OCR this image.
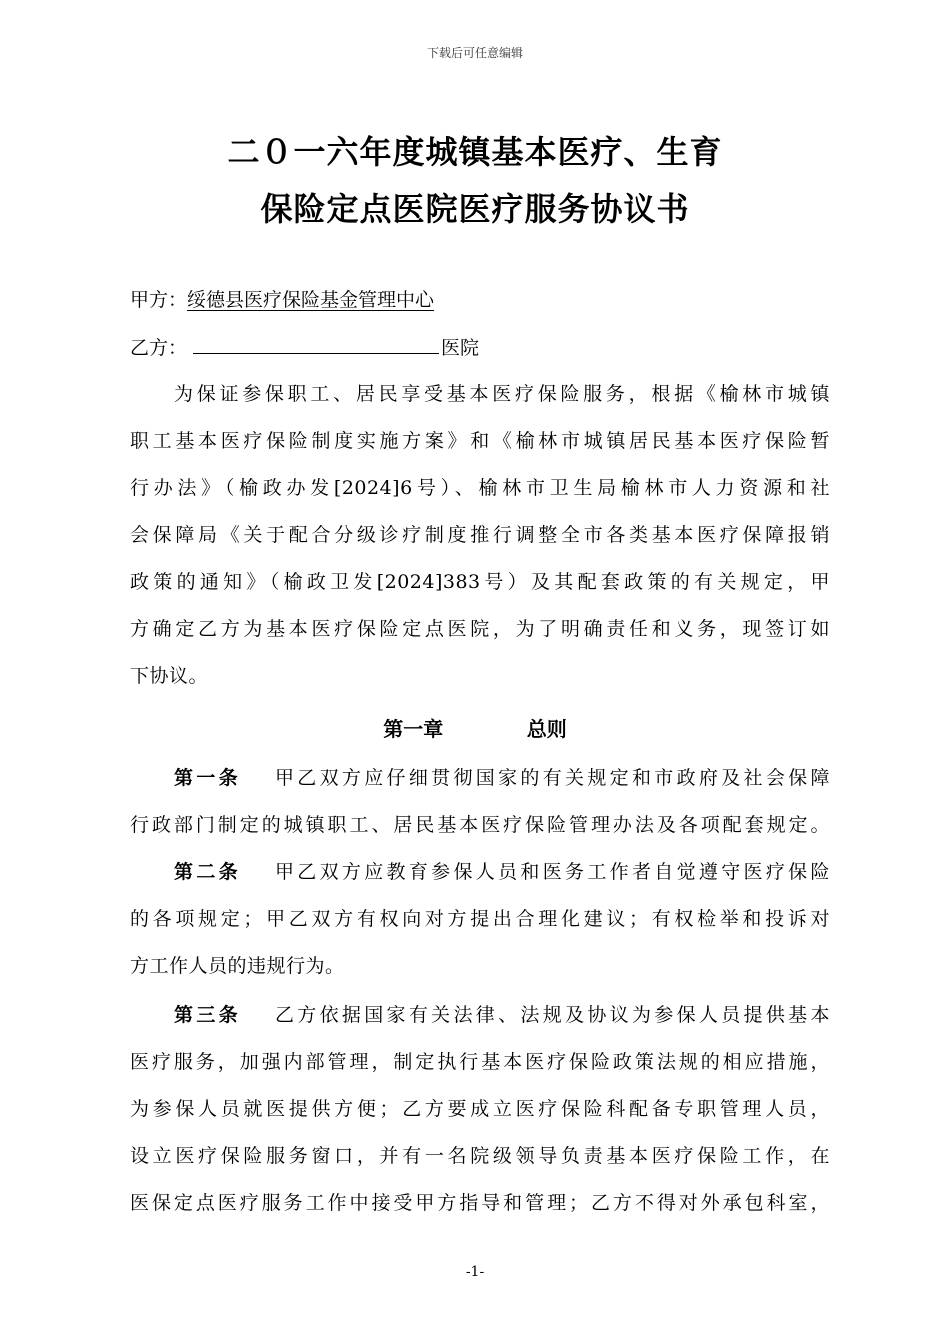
下载后可任意编辑
二０一六年度城镇基本医疗、生育
保险定点医院医疗服务协议书
甲方：绥德县医疗保险基金管理中心
乙方：	医院
为保证参保职工、居民享受基本医疗保险服务，根据《榆林市城镇
职工基本医疗保险制度实施方案》和《榆林市城镇居民基本医疗保险暂
行办法》（榆政办发[2024]6号）、榆林市卫生局榆林市人力资源和社
会保障局《关于配合分级诊疗制度推行调整全市各类基本医疗保障报销
政策的通知》（榆政卫发[2024]383号）及其配套政策的有关规定，甲
方确定乙方为基本医疗保险定点医院，为了明确责任和义务，现签订如
下协议。
第一章	总则
第一条 甲乙双方应仔细贯彻国家的有关规定和市政府及社会保障
行政部门制定的城镇职工、居民基本医疗保险管理办法及各项配套规定。
第二条 甲乙双方应教育参保人员和医务工作者自觉遵守医疗保险
的各项规定；甲乙双方有权向对方提出合理化建议；有权检举和投诉对
方工作人员的违规行为。
第三条 乙方依据国家有关法律、法规及协议为参保人员提供基本
医疗服务，加强内部管理，制定执行基本医疗保险政策法规的相应措施，
为参保人员就医提供方便；乙方要成立医疗保险科配备专职管理人员，
设立医疗保险服务窗口，并有一名院级领导负责基本医疗保险工作，在
医保定点医疗服务工作中接受甲方指导和管理；乙方不得对外承包科室，
-1-
